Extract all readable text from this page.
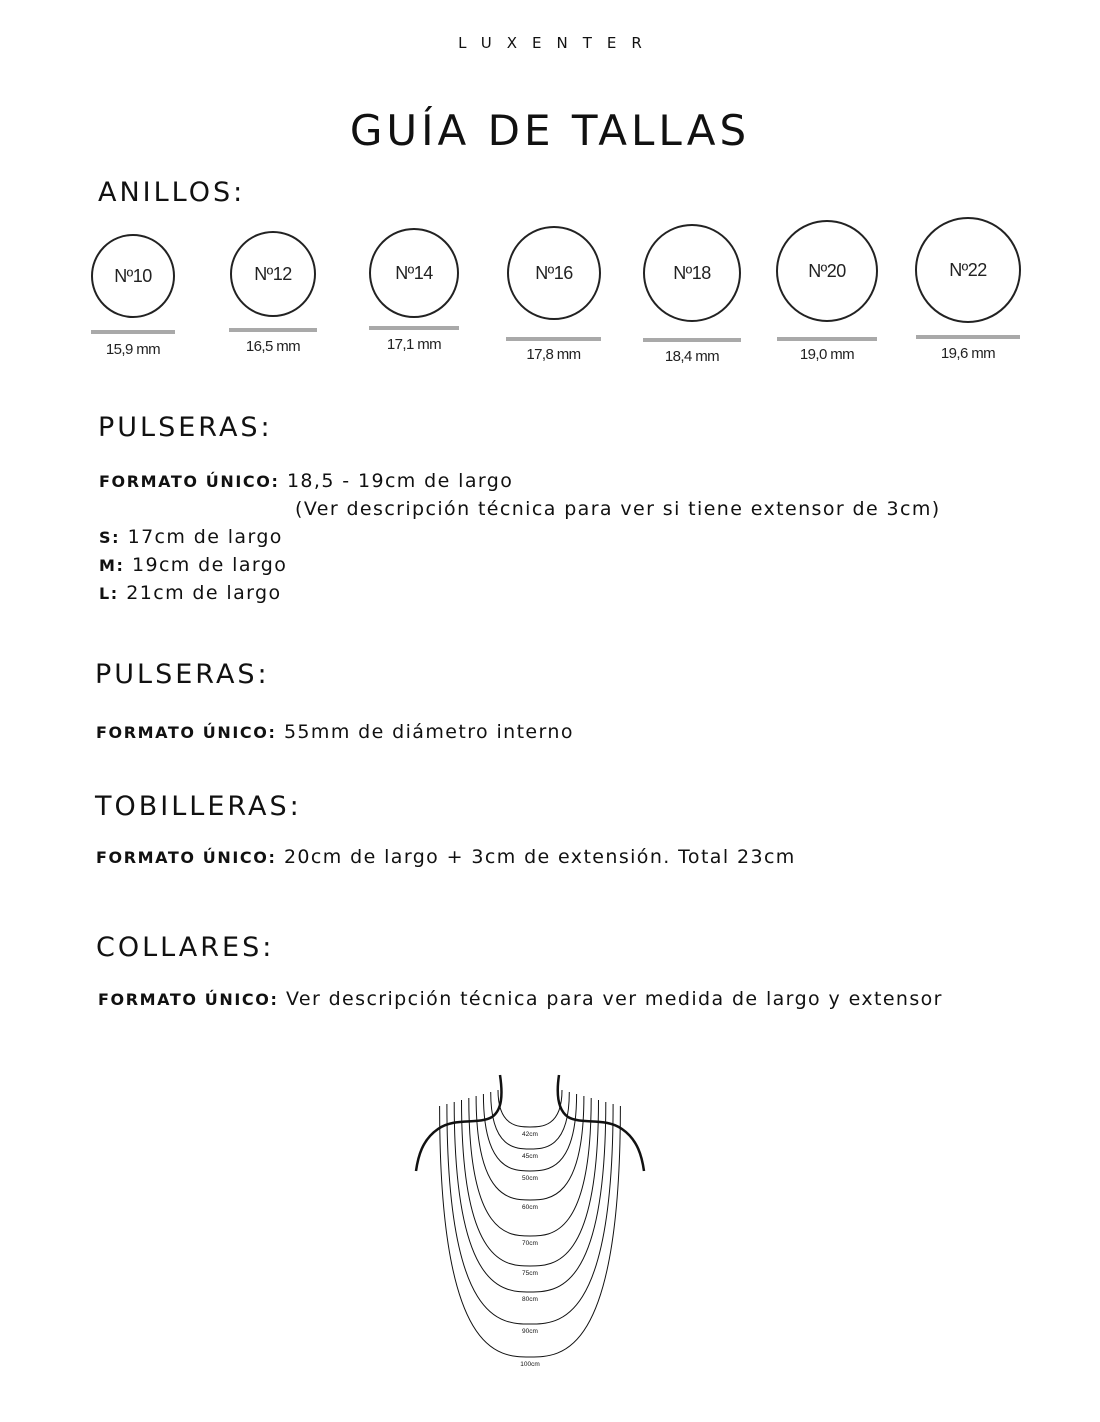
LUXENTER
GUÍA DE TALLAS
ANILLOS:
Nº10
15,9 mm
Nº12
16,5 mm
Nº14
17,1 mm
Nº16
17,8 mm
Nº18
18,4 mm
Nº20
19,0 mm
Nº22
19,6 mm
PULSERAS:
FORMATO ÚNICO: 18,5 - 19cm de largo
(Ver descripción técnica para ver si tiene extensor de 3cm)
S: 17cm de largo
M: 19cm de largo
L: 21cm de largo
PULSERAS:
FORMATO ÚNICO: 55mm de diámetro interno
TOBILLERAS:
FORMATO ÚNICO: 20cm de largo + 3cm de extensión. Total 23cm
COLLARES:
FORMATO ÚNICO: Ver descripción técnica para ver medida de largo y extensor
42cm
45cm
50cm
60cm
70cm
75cm
80cm
90cm
100cm
